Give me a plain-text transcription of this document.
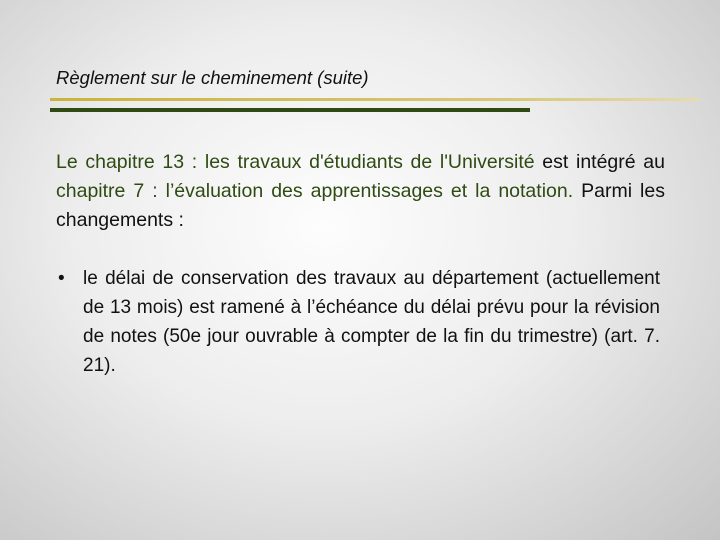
Règlement sur le cheminement (suite)
Le chapitre 13 : les travaux d'étudiants de l'Université est intégré au chapitre 7 : l’évaluation des apprentissages et la notation. Parmi les changements :
• le délai de conservation des travaux au département (actuellement de 13 mois) est ramené à l’échéance du délai prévu pour la révision de notes (50e jour ouvrable à compter de la fin du trimestre) (art. 7. 21).
